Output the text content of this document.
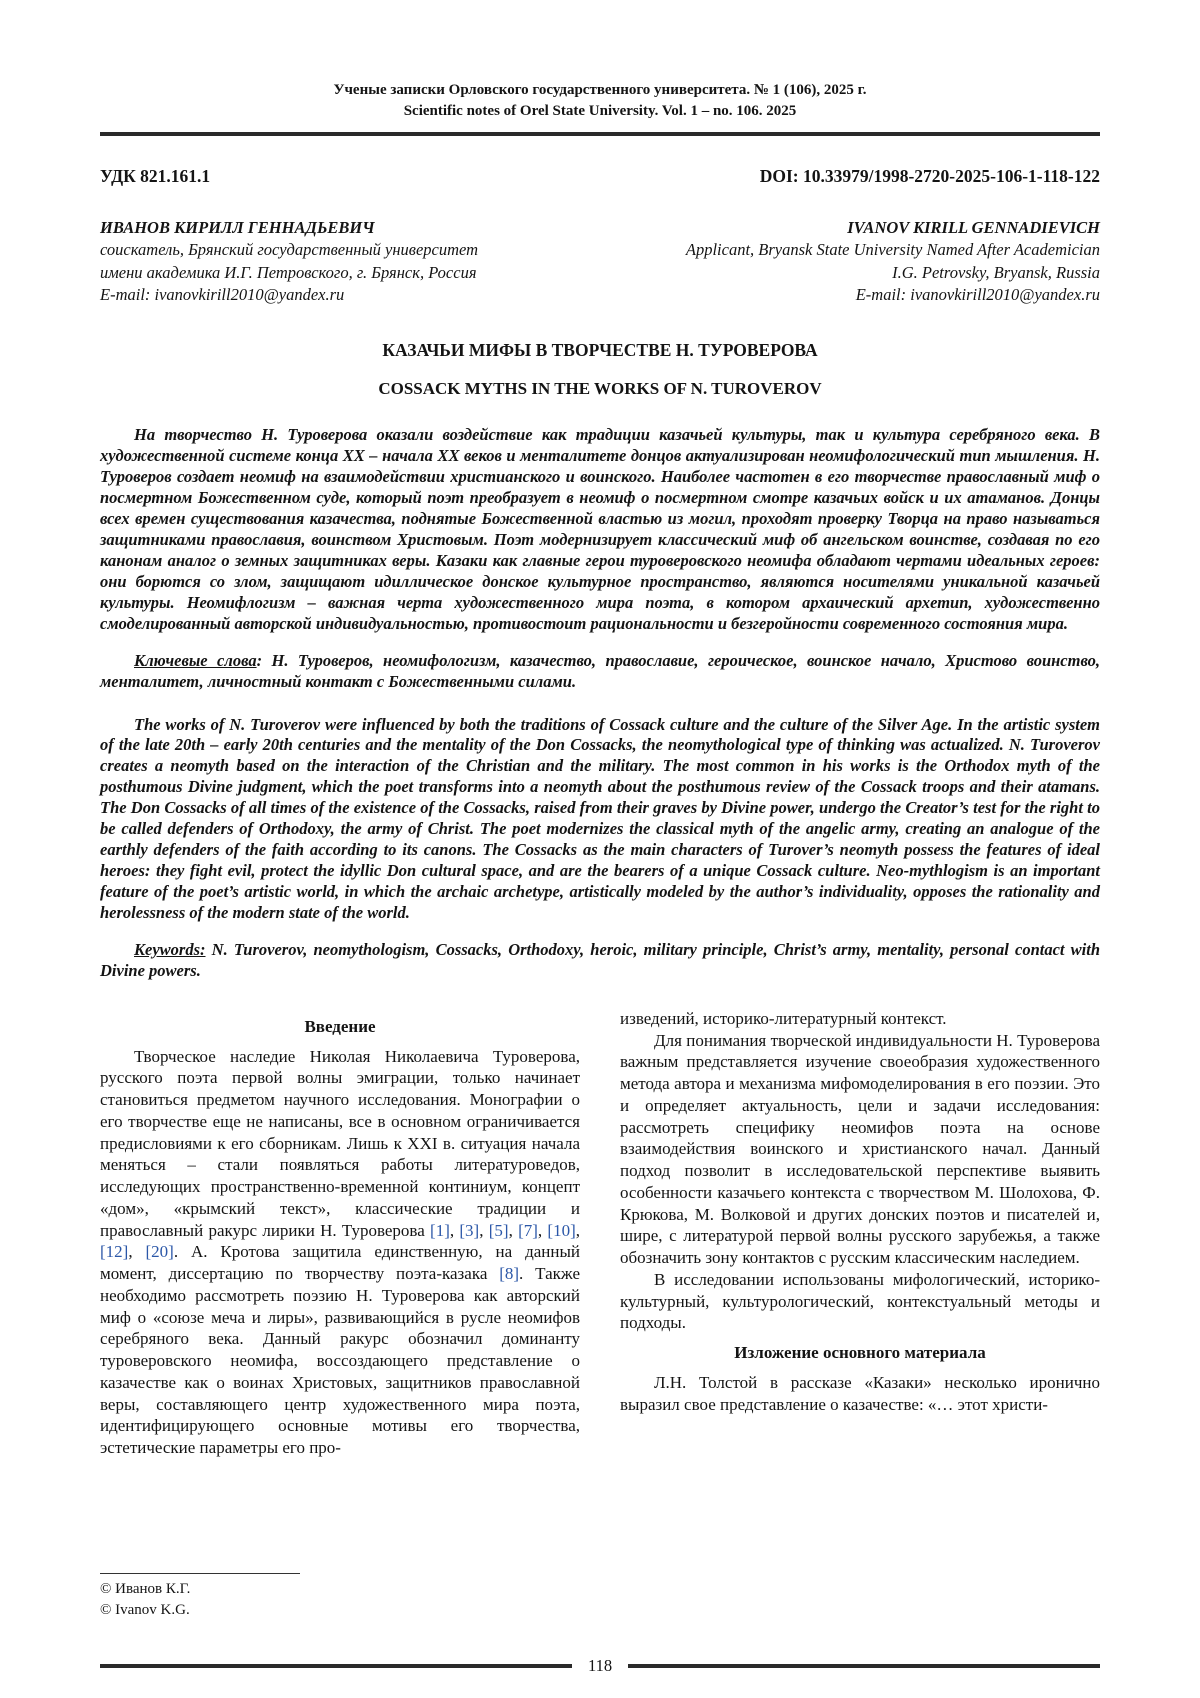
Ученые записки Орловского государственного университета. № 1 (106), 2025 г.
Scientific notes of Orel State University. Vol. 1 – no. 106. 2025
УДК 821.161.1	DOI: 10.33979/1998-2720-2025-106-1-118-122
ИВАНОВ КИРИЛЛ ГЕННАДЬЕВИЧ
соискатель, Брянский государственный университет
имени академика И.Г. Петровского, г. Брянск, Россия
E-mail: ivanovkirill2010@yandex.ru
IVANOV KIRILL GENNADIEVICH
Applicant, Bryansk State University Named After Academician
I.G. Petrovsky, Bryansk, Russia
E-mail: ivanovkirill2010@yandex.ru
КАЗАЧЬИ МИФЫ В ТВОРЧЕСТВЕ Н. ТУРОВЕРОВА
COSSACK MYTHS IN THE WORKS OF N. TUROVEROV

На творчество Н. Туроверова оказали воздействие как традиции казачьей культуры, так и культура серебряного века. В художественной системе конца XX – начала XX веков и менталитете донцов актуализирован неомифологический тип мышления. Н. Туроверов создает неомиф на взаимодействии христианского и воинского. Наиболее частотен в его творчестве православный миф о посмертном Божественном суде, который поэт преобразует в неомиф о посмертном смотре казачьих войск и их атаманов. Донцы всех времен существования казачества, поднятые Божественной властью из могил, проходят проверку Творца на право называться защитниками православия, воинством Христовым. Поэт модернизирует классический миф об ангельском воинстве, создавая по его канонам аналог о земных защитниках веры. Казаки как главные герои туроверовского неомифа обладают чертами идеальных героев: они борются со злом, защищают идиллическое донское культурное пространство, являются носителями уникальной казачьей культуры. Неомифлогизм – важная черта художественного мира поэта, в котором архаический архетип, художественно смоделированный авторской индивидуальностью, противостоит рациональности и безгеройности современного состояния мира.

Ключевые слова: Н. Туроверов, неомифологизм, казачество, православие, героическое, воинское начало, Христово воинство, менталитет, личностный контакт с Божественными силами.

The works of N. Turoverov were influenced by both the traditions of Cossack culture and the culture of the Silver Age. In the artistic system of the late 20th – early 20th centuries and the mentality of the Don Cossacks, the neomythological type of thinking was actualized. N. Turoverov creates a neomyth based on the interaction of the Christian and the military. The most common in his works is the Orthodox myth of the posthumous Divine judgment, which the poet transforms into a neomyth about the posthumous review of the Cossack troops and their atamans. The Don Cossacks of all times of the existence of the Cossacks, raised from their graves by Divine power, undergo the Creator’s test for the right to be called defenders of Orthodoxy, the army of Christ. The poet modernizes the classical myth of the angelic army, creating an analogue of the earthly defenders of the faith according to its canons. The Cossacks as the main characters of Turover’s neomyth possess the features of ideal heroes: they fight evil, protect the idyllic Don cultural space, and are the bearers of a unique Cossack culture. Neo-mythlogism is an important feature of the poet’s artistic world, in which the archaic archetype, artistically modeled by the author’s individuality, opposes the rationality and herolessness of the modern state of the world.

Keywords: N. Turoverov, neomythologism, Cossacks, Orthodoxy, heroic, military principle, Christ’s army, mentality, personal contact with Divine powers.

Введение

Творческое наследие Николая Николаевича Туроверова, русского поэта первой волны эмиграции, только начинает становиться предметом научного исследования. Монографии о его творчестве еще не написаны, все в основном ограничивается предисловиями к его сборникам. Лишь к XXI в. ситуация начала меняться – стали появляться работы литературоведов, исследующих пространственно-временной континиум, концепт «дом», «крымский текст», классические традиции и православный ракурс лирики Н. Туроверова [1], [3], [5], [7], [10], [12], [20]. А. Кротова защитила единственную, на данный момент, диссертацию по творчеству поэта-казака [8]. Также необходимо рассмотреть поэзию Н. Туроверова как авторский миф о «союзе меча и лиры», развивающийся в русле неомифов серебряного века. Данный ракурс обозначил доминанту туроверовского неомифа, воссоздающего представление о казачестве как о воинах Христовых, защитников православной веры, составляющего центр художественного мира поэта, идентифицирующего основные мотивы его творчества, эстетические параметры его про-

изведений, историко-литературный контекст.

Для понимания творческой индивидуальности Н. Туроверова важным представляется изучение своеобразия художественного метода автора и механизма мифомоделирования в его поэзии. Это и определяет актуальность, цели и задачи исследования: рассмотреть специфику неомифов поэта на основе взаимодействия воинского и христианского начал. Данный подход позволит в исследовательской перспективе выявить особенности казачьего контекста с творчеством М. Шолохова, Ф. Крюкова, М. Волковой и других донских поэтов и писателей и, шире, с литературой первой волны русского зарубежья, а также обозначить зону контактов с русским классическим наследием.

В исследовании использованы мифологический, историко-культурный, культурологический, контекстуальный методы и подходы.

Изложение основного материала

Л.Н. Толстой в рассказе «Казаки» несколько иронично выразил свое представление о казачестве: «… этот христи-

© Иванов К.Г.
© Ivanov K.G.
118
